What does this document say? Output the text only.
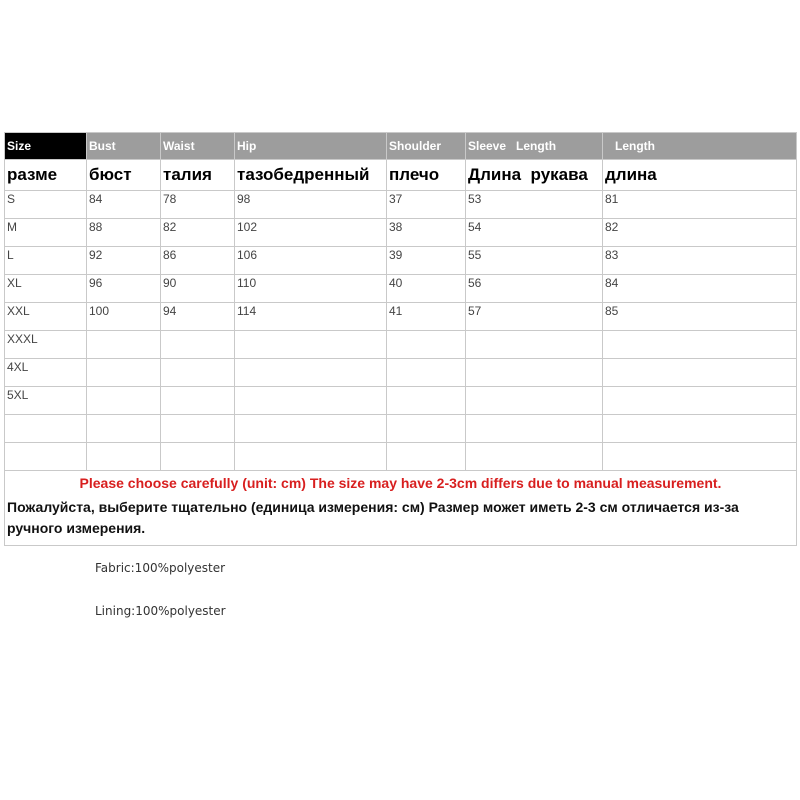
Size	Bust	Waist	Hip	Shoulder	Sleeve   Length	Length
разме	бюст	талия	тазобедренный	плечо	Длина  рукава	длина
S	84	78	98	37	53	81
M	88	82	102	38	54	82
L	92	86	106	39	55	83
XL	96	90	110	40	56	84
XXL	100	94	114	41	57	85
XXXL						
4XL						
5XL						

Please choose carefully (unit: cm) The size may have 2-3cm differs due to manual measurement.
Пожалуйста, выберите тщательно (единица измерения: см) Размер может иметь 2-3 см отличается из-за ручного измерения.						
Fabric:100%polyester
Lining:100%polyester
